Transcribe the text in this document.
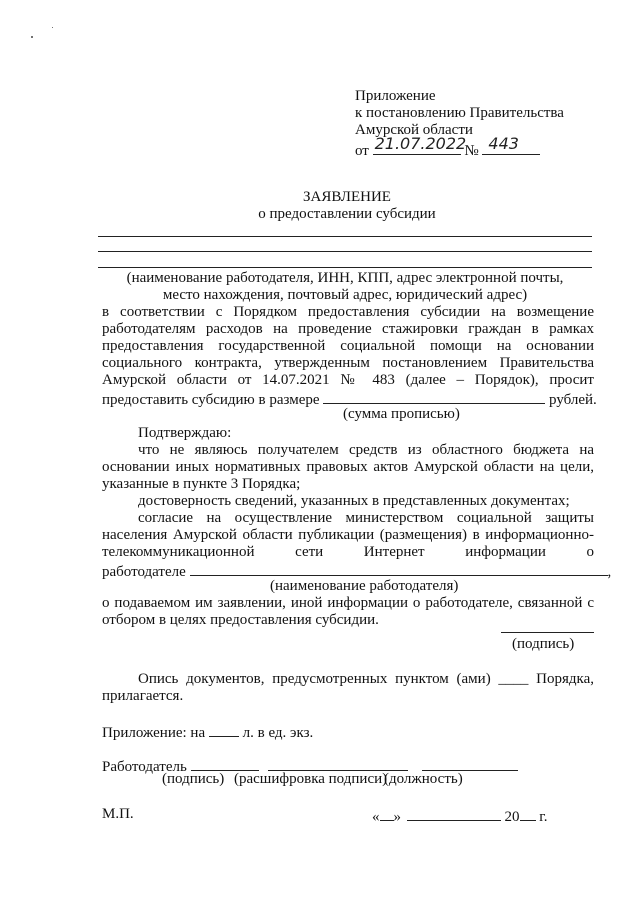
Приложение
к постановлению Правительства
Амурской области
от 21.07.2022
№ 443
ЗАЯВЛЕНИЕ
о предоставлении субсидии
(наименование работодателя, ИНН, КПП, адрес электронной почты,
место нахождения, почтовый адрес, юридический адрес)
в соответствии с Порядком предоставления субсидии на возмещение
работодателям расходов на проведение стажировки граждан в рамках
предоставления государственной социальной помощи на основании
социального контракта, утвержденным постановлением Правительства
Амурской области от 14.07.2021 № 483 (далее – Порядок), просит
предоставить субсидию в размере	рублей.
(сумма прописью)
Подтверждаю:
что не являюсь получателем средств из областного бюджета на
основании иных нормативных правовых актов Амурской области на цели,
указанные в пункте 3 Порядка;
достоверность сведений, указанных в представленных документах;
согласие на осуществление министерством социальной защиты
населения Амурской области публикации (размещения) в информационно-
телекоммуникационной сети Интернет информации о
работодателе	,
(наименование работодателя)
о подаваемом им заявлении, иной информации о работодателе, связанной с
отбором в целях предоставления субсидии.
(подпись)
Опись документов, предусмотренных пунктом (ами) ____ Порядка,
прилагается.
Приложение: на	л. в ед. экз.
Работодатель
(подпись) (расшифровка подписи)
(должность)
М.П.	« »	20 г.
